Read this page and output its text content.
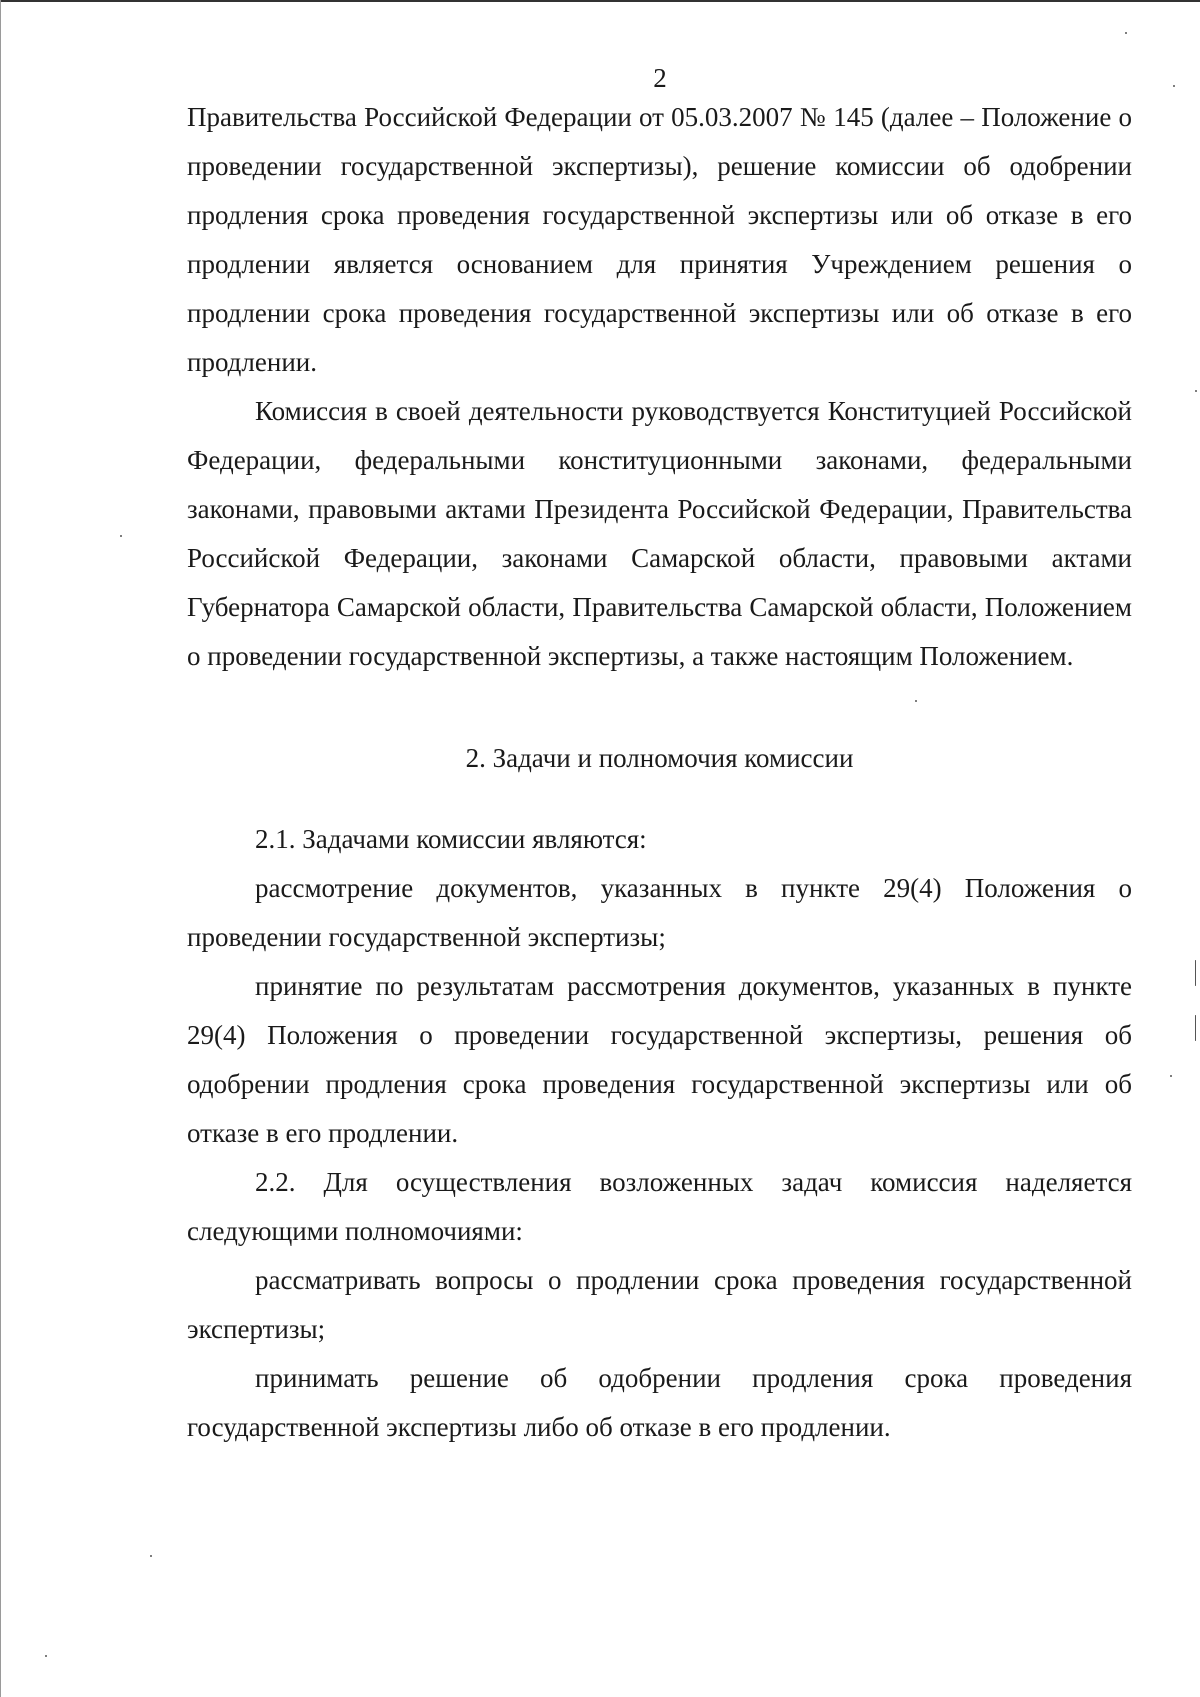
2

Правительства Российской Федерации от 05.03.2007 № 145 (далее – Положение о проведении государственной экспертизы), решение комиссии об одобрении продления срока проведения государственной экспертизы или об отказе в его продлении является основанием для принятия Учреждением решения о продлении срока проведения государственной экспертизы или об отказе в его продлении.

Комиссия в своей деятельности руководствуется Конституцией Российской Федерации, федеральными конституционными законами, федеральными законами, правовыми актами Президента Российской Федерации, Правительства Российской Федерации, законами Самарской области, правовыми актами Губернатора Самарской области, Правительства Самарской области, Положением о проведении государственной экспертизы, а также настоящим Положением.

2. Задачи и полномочия комиссии

2.1. Задачами комиссии являются:

рассмотрение документов, указанных в пункте 29(4) Положения о проведении государственной экспертизы;

принятие по результатам рассмотрения документов, указанных в пункте 29(4) Положения о проведении государственной экспертизы, решения об одобрении продления срока проведения государственной экспертизы или об отказе в его продлении.

2.2. Для осуществления возложенных задач комиссия наделяется следующими полномочиями:

рассматривать вопросы о продлении срока проведения государственной экспертизы;

принимать решение об одобрении продления срока проведения государственной экспертизы либо об отказе в его продлении.
